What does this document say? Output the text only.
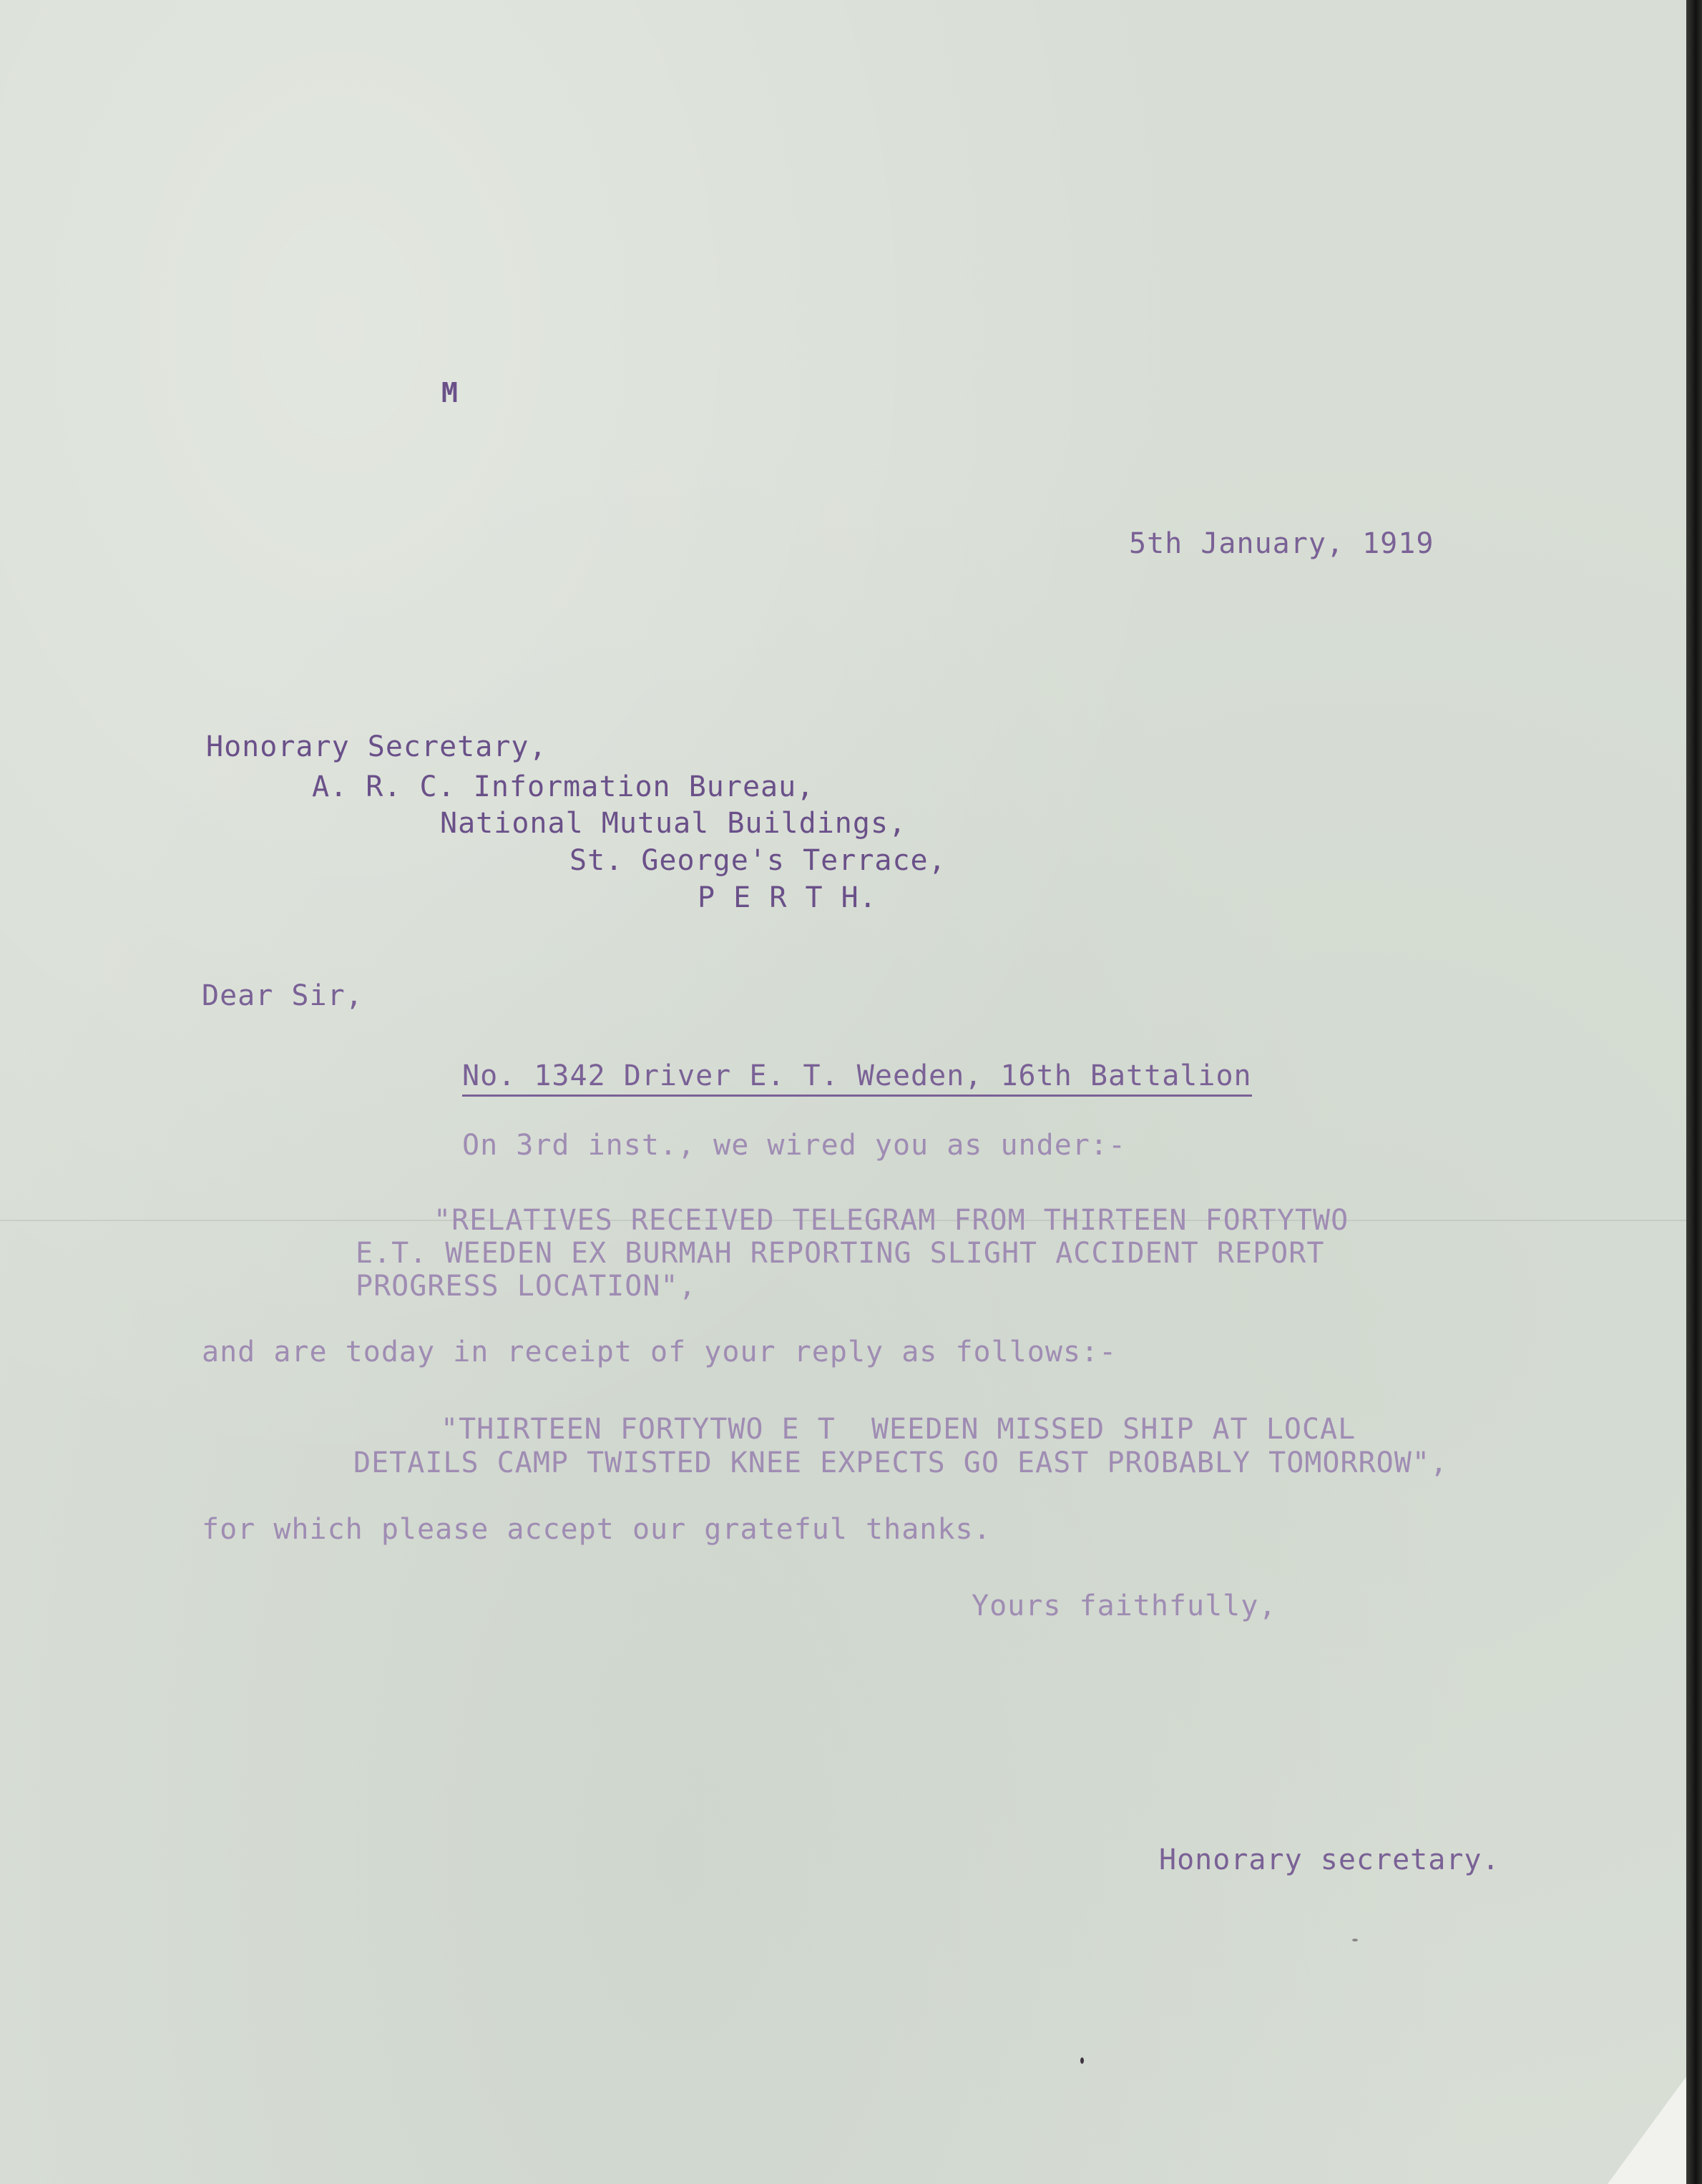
M
5th January, 1919
Honorary Secretary,
A. R. C. Information Bureau,
National Mutual Buildings,
St. George's Terrace,
P E R T H.
Dear Sir,
No. 1342 Driver E. T. Weeden, 16th Battalion
On 3rd inst., we wired you as under:-
"RELATIVES RECEIVED TELEGRAM FROM THIRTEEN FORTYTWO
E.T. WEEDEN EX BURMAH REPORTING SLIGHT ACCIDENT REPORT
PROGRESS LOCATION",
and are today in receipt of your reply as follows:-
"THIRTEEN FORTYTWO E T  WEEDEN MISSED SHIP AT LOCAL
DETAILS CAMP TWISTED KNEE EXPECTS GO EAST PROBABLY TOMORROW",
for which please accept our grateful thanks.
Yours faithfully,
Honorary secretary.
